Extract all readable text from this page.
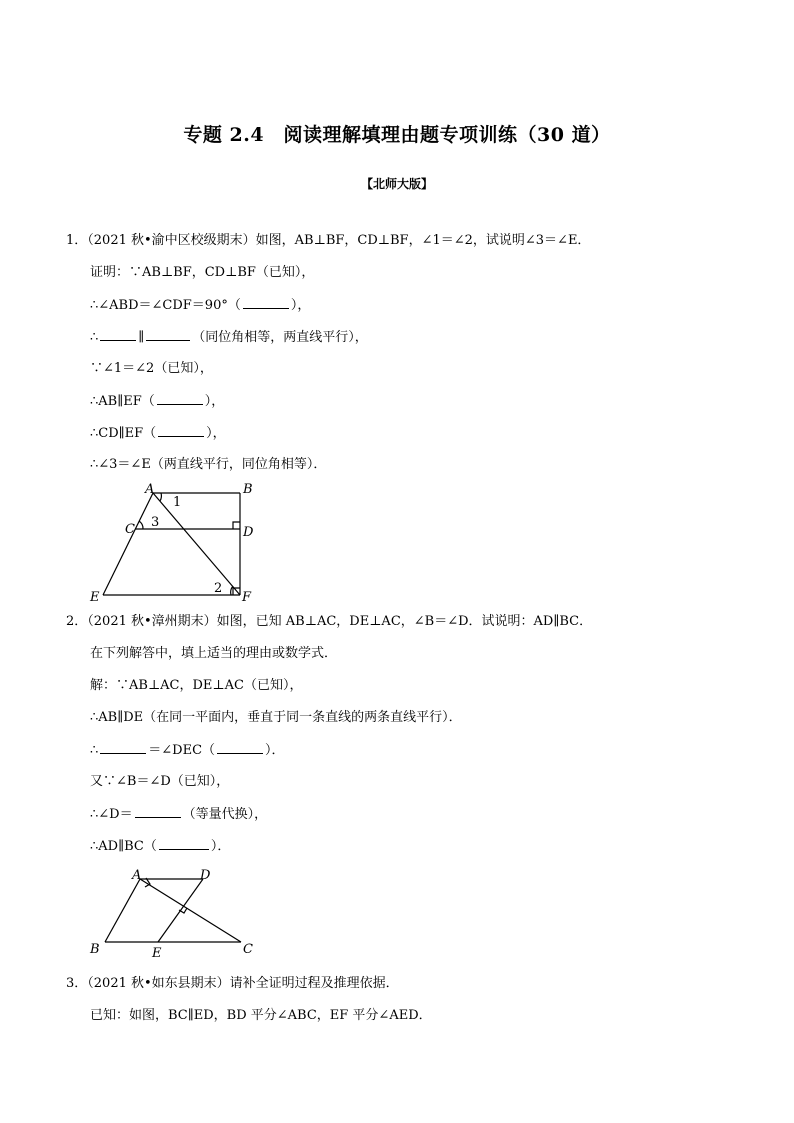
专题 2.4　阅读理解填理由题专项训练（30 道）
【北师大版】
1．（2021 秋•渝中区校级期末）如图，AB⊥BF，CD⊥BF，∠1＝∠2，试说明∠3＝∠E．
证明：∵AB⊥BF，CD⊥BF（已知），
∴∠ABD＝∠CDF＝90°（	），
∴	∥	（同位角相等，两直线平行），
∵∠1＝∠2（已知），
∴AB∥EF（	），
∴CD∥EF（	），
∴∠3＝∠E（两直线平行，同位角相等）．
A	B
C	D
E	F
1
3
2
2．（2021 秋•漳州期末）如图，已知 AB⊥AC，DE⊥AC，∠B＝∠D．试说明：AD∥BC．
在下列解答中，填上适当的理由或数学式．
解：∵AB⊥AC，DE⊥AC（已知），
∴AB∥DE（在同一平面内，垂直于同一条直线的两条直线平行）．
∴	＝∠DEC（	）．
又∵∠B＝∠D（已知），
∴∠D＝	（等量代换），
∴AD∥BC（	）．
A	D
B	E	C
3．（2021 秋•如东县期末）请补全证明过程及推理依据．
已知：如图，BC∥ED，BD 平分∠ABC，EF 平分∠AED．
